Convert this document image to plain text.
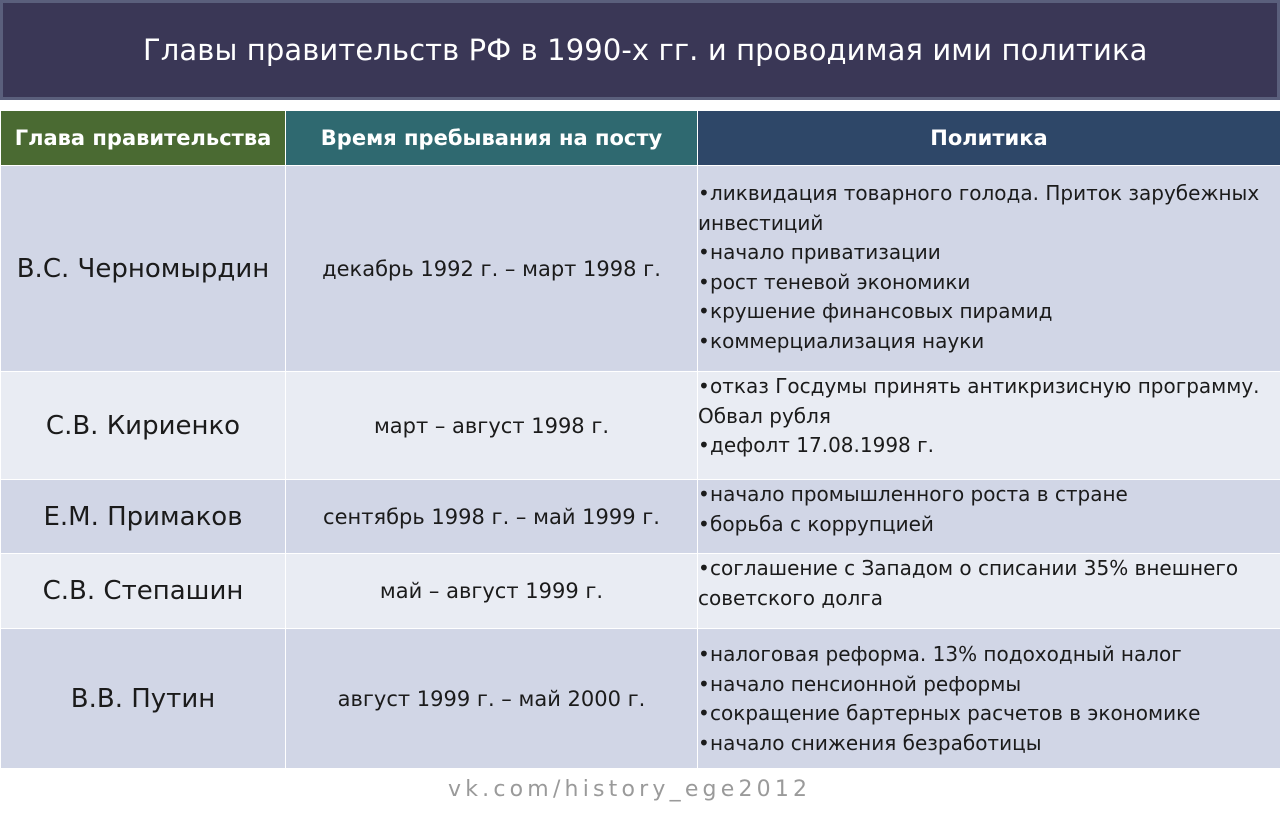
Главы правительств РФ в 1990-х гг. и проводимая ими политика
Глава правительства	Время пребывания на посту	Политика
В.С. Черномырдин	декабрь 1992 г. – март 1998 г.	•ликвидация товарного голода. Приток зарубежных инвестиций
•начало приватизации
•рост теневой экономики
•крушение финансовых пирамид
•коммерциализация науки

С.В. Кириенко	март – август 1998 г.	•отказ Госдумы принять антикризисную программу. Обвал рубля
•дефолт 17.08.1998 г.

Е.М. Примаков	сентябрь 1998 г. – май 1999 г.	•начало промышленного роста в стране
•борьба с коррупцией

С.В. Степашин	май – август 1999 г.	•соглашение с Западом о списании 35% внешнего советского долга

В.В. Путин	август 1999 г. – май 2000 г.	•налоговая реформа. 13% подоходный налог
•начало пенсионной реформы
•сокращение бартерных расчетов в экономике
•начало снижения безработицы
vk.com/history_ege2012
